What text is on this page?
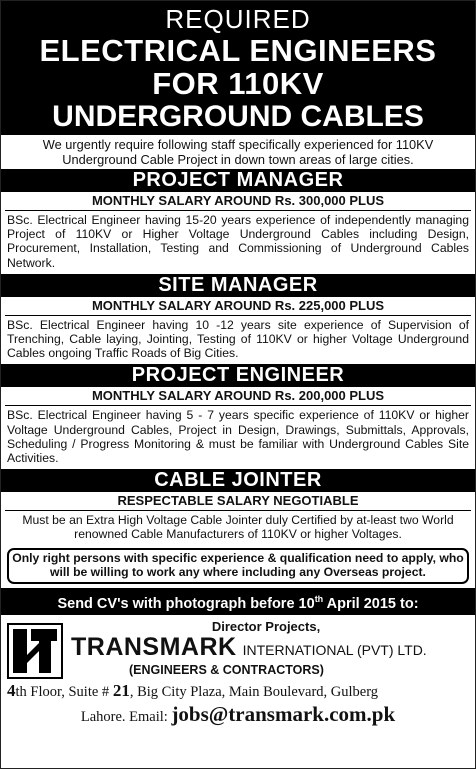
REQUIRED
ELECTRICAL ENGINEERS
FOR 110KV
UNDERGROUND CABLES
We urgently require following staff specifically experienced for 110KV Underground Cable Project in down town areas of large cities.
PROJECT MANAGER
MONTHLY SALARY AROUND Rs. 300,000 PLUS
BSc. Electrical Engineer having 15-20 years experience of independently managing Project of 110KV or Higher Voltage Underground Cables including Design, Procurement, Installation, Testing and Commissioning of Underground Cables Network.
SITE MANAGER
MONTHLY SALARY AROUND Rs. 225,000 PLUS
BSc. Electrical Engineer having 10 -12 years site experience of Supervision of Trenching, Cable laying, Jointing, Testing of 110KV or higher Voltage Underground Cables ongoing Traffic Roads of Big Cities.
PROJECT ENGINEER
MONTHLY SALARY AROUND Rs. 200,000 PLUS
BSc. Electrical Engineer having 5 - 7 years specific experience of 110KV or higher Voltage Underground Cables, Project in Design, Drawings, Submittals, Approvals, Scheduling / Progress Monitoring & must be familiar with Underground Cables Site Activities.
CABLE JOINTER
RESPECTABLE SALARY NEGOTIABLE
Must be an Extra High Voltage Cable Jointer duly Certified by at-least two World renowned Cable Manufacturers of 110KV or higher Voltages.
Only right persons with specific experience & qualification need to apply, who will be willing to work any where including any Overseas project.
Send CV's with photograph before 10th April 2015 to:
Director Projects,
TRANSMARK INTERNATIONAL (PVT) LTD.
(ENGINEERS & CONTRACTORS)
4th Floor, Suite # 21, Big City Plaza, Main Boulevard, Gulberg
Lahore. Email: jobs@transmark.com.pk
